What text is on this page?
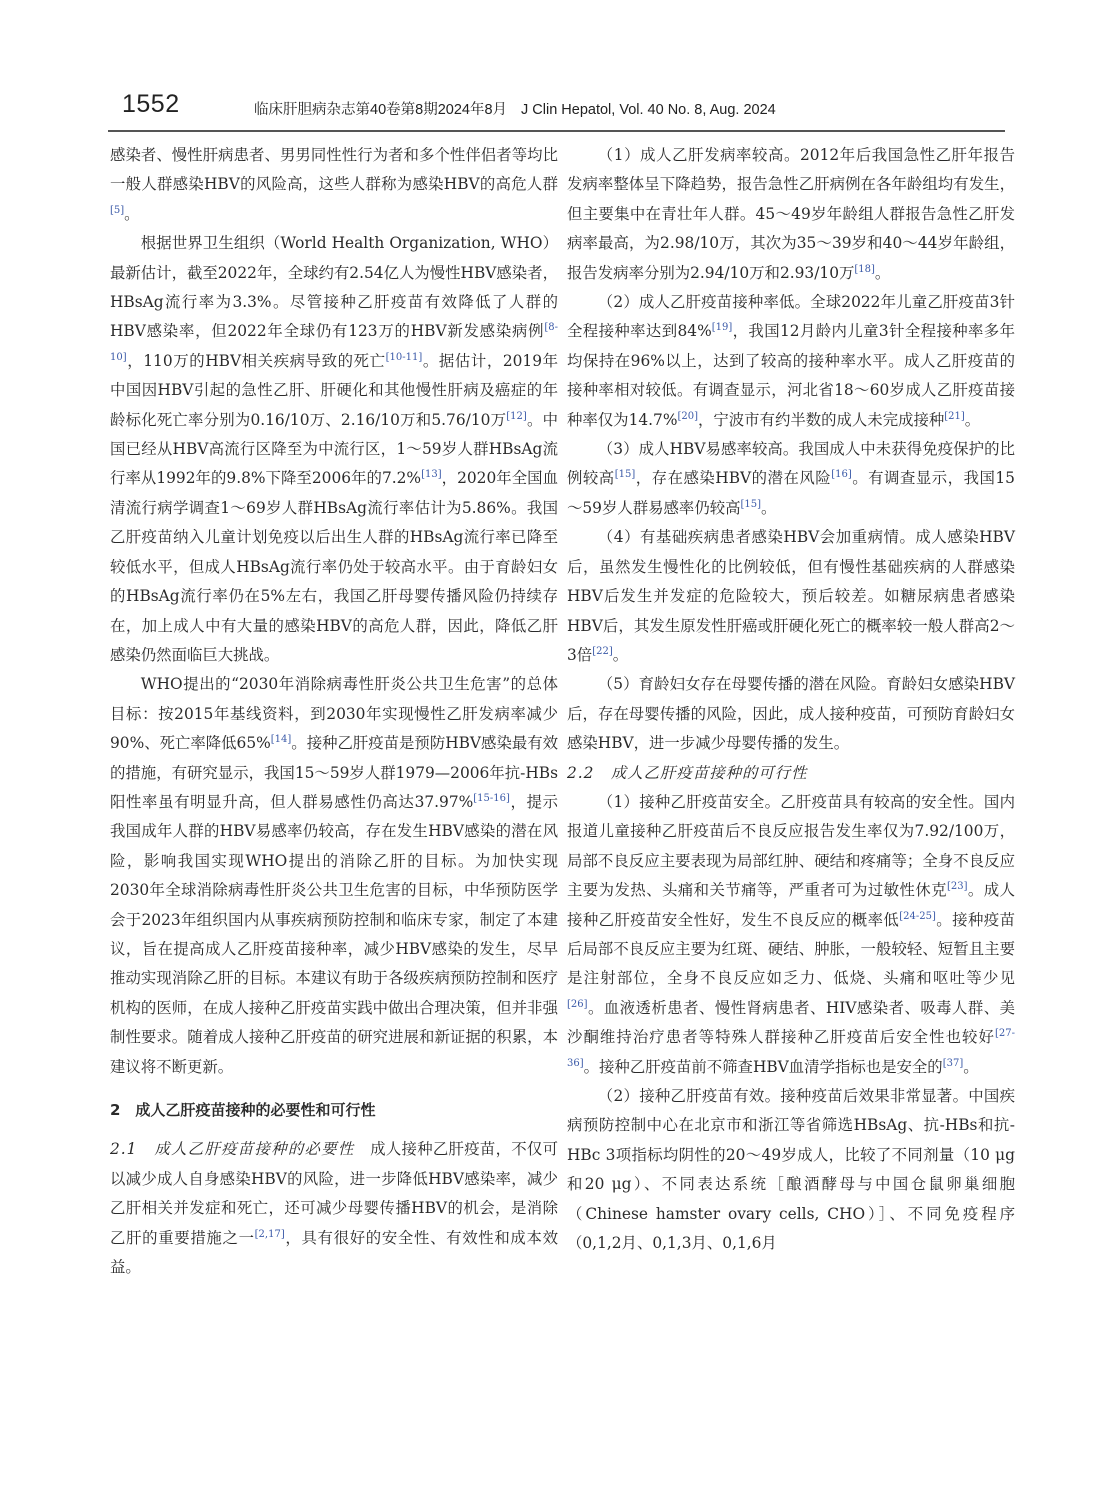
1552	临床肝胆病杂志第40卷第8期2024年8月 J Clin Hepatol, Vol. 40 No. 8, Aug. 2024

感染者、慢性肝病患者、男男同性性行为者和多个性伴侣者等均比一般人群感染HBV的风险高，这些人群称为感染HBV的高危人群[5]。

根据世界卫生组织（World Health Organization, WHO）最新估计，截至2022年，全球约有2.54亿人为慢性HBV感染者，HBsAg流行率为3.3%。尽管接种乙肝疫苗有效降低了人群的HBV感染率，但2022年全球仍有123万的HBV新发感染病例[8-10]，110万的HBV相关疾病导致的死亡[10-11]。据估计，2019年中国因HBV引起的急性乙肝、肝硬化和其他慢性肝病及癌症的年龄标化死亡率分别为0.16/10万、2.16/10万和5.76/10万[12]。中国已经从HBV高流行区降至为中流行区，1～59岁人群HBsAg流行率从1992年的9.8%下降至2006年的7.2%[13]，2020年全国血清流行病学调查1～69岁人群HBsAg流行率估计为5.86%。我国乙肝疫苗纳入儿童计划免疫以后出生人群的HBsAg流行率已降至较低水平，但成人HBsAg流行率仍处于较高水平。由于育龄妇女的HBsAg流行率仍在5%左右，我国乙肝母婴传播风险仍持续存在，加上成人中有大量的感染HBV的高危人群，因此，降低乙肝感染仍然面临巨大挑战。

WHO提出的“2030年消除病毒性肝炎公共卫生危害”的总体目标：按2015年基线资料，到2030年实现慢性乙肝发病率减少90%、死亡率降低65%[14]。接种乙肝疫苗是预防HBV感染最有效的措施，有研究显示，我国15～59岁人群1979—2006年抗-HBs阳性率虽有明显升高，但人群易感性仍高达37.97%[15-16]，提示我国成年人群的HBV易感率仍较高，存在发生HBV感染的潜在风险，影响我国实现WHO提出的消除乙肝的目标。为加快实现2030年全球消除病毒性肝炎公共卫生危害的目标，中华预防医学会于2023年组织国内从事疾病预防控制和临床专家，制定了本建议，旨在提高成人乙肝疫苗接种率，减少HBV感染的发生，尽早推动实现消除乙肝的目标。本建议有助于各级疾病预防控制和医疗机构的医师，在成人接种乙肝疫苗实践中做出合理决策，但并非强制性要求。随着成人接种乙肝疫苗的研究进展和新证据的积累，本建议将不断更新。

2　成人乙肝疫苗接种的必要性和可行性

2.1　成人乙肝疫苗接种的必要性　成人接种乙肝疫苗，不仅可以减少成人自身感染HBV的风险，进一步降低HBV感染率，减少乙肝相关并发症和死亡，还可减少母婴传播HBV的机会，是消除乙肝的重要措施之一[2,17]，具有很好的安全性、有效性和成本效益。

（1）成人乙肝发病率较高。2012年后我国急性乙肝年报告发病率整体呈下降趋势，报告急性乙肝病例在各年龄组均有发生，但主要集中在青壮年人群。45～49岁年龄组人群报告急性乙肝发病率最高，为2.98/10万，其次为35～39岁和40～44岁年龄组，报告发病率分别为2.94/10万和2.93/10万[18]。

（2）成人乙肝疫苗接种率低。全球2022年儿童乙肝疫苗3针全程接种率达到84%[19]，我国12月龄内儿童3针全程接种率多年均保持在96%以上，达到了较高的接种率水平。成人乙肝疫苗的接种率相对较低。有调查显示，河北省18～60岁成人乙肝疫苗接种率仅为14.7%[20]，宁波市有约半数的成人未完成接种[21]。

（3）成人HBV易感率较高。我国成人中未获得免疫保护的比例较高[15]，存在感染HBV的潜在风险[16]。有调查显示，我国15～59岁人群易感率仍较高[15]。

（4）有基础疾病患者感染HBV会加重病情。成人感染HBV后，虽然发生慢性化的比例较低，但有慢性基础疾病的人群感染HBV后发生并发症的危险较大，预后较差。如糖尿病患者感染HBV后，其发生原发性肝癌或肝硬化死亡的概率较一般人群高2～3倍[22]。

（5）育龄妇女存在母婴传播的潜在风险。育龄妇女感染HBV后，存在母婴传播的风险，因此，成人接种疫苗，可预防育龄妇女感染HBV，进一步减少母婴传播的发生。

2.2　成人乙肝疫苗接种的可行性

（1）接种乙肝疫苗安全。乙肝疫苗具有较高的安全性。国内报道儿童接种乙肝疫苗后不良反应报告发生率仅为7.92/100万，局部不良反应主要表现为局部红肿、硬结和疼痛等；全身不良反应主要为发热、头痛和关节痛等，严重者可为过敏性休克[23]。成人接种乙肝疫苗安全性好，发生不良反应的概率低[24-25]。接种疫苗后局部不良反应主要为红斑、硬结、肿胀，一般较轻、短暂且主要是注射部位，全身不良反应如乏力、低烧、头痛和呕吐等少见[26]。血液透析患者、慢性肾病患者、HIV感染者、吸毒人群、美沙酮维持治疗患者等特殊人群接种乙肝疫苗后安全性也较好[27-36]。接种乙肝疫苗前不筛查HBV血清学指标也是安全的[37]。

（2）接种乙肝疫苗有效。接种疫苗后效果非常显著。中国疾病预防控制中心在北京市和浙江等省筛选HBsAg、抗-HBs和抗-HBc 3项指标均阴性的20～49岁成人，比较了不同剂量（10 μg和20 μg）、不同表达系统［酿酒酵母与中国仓鼠卵巢细胞（Chinese hamster ovary cells, CHO）］、不同免疫程序（0,1,2月、0,1,3月、0,1,6月
